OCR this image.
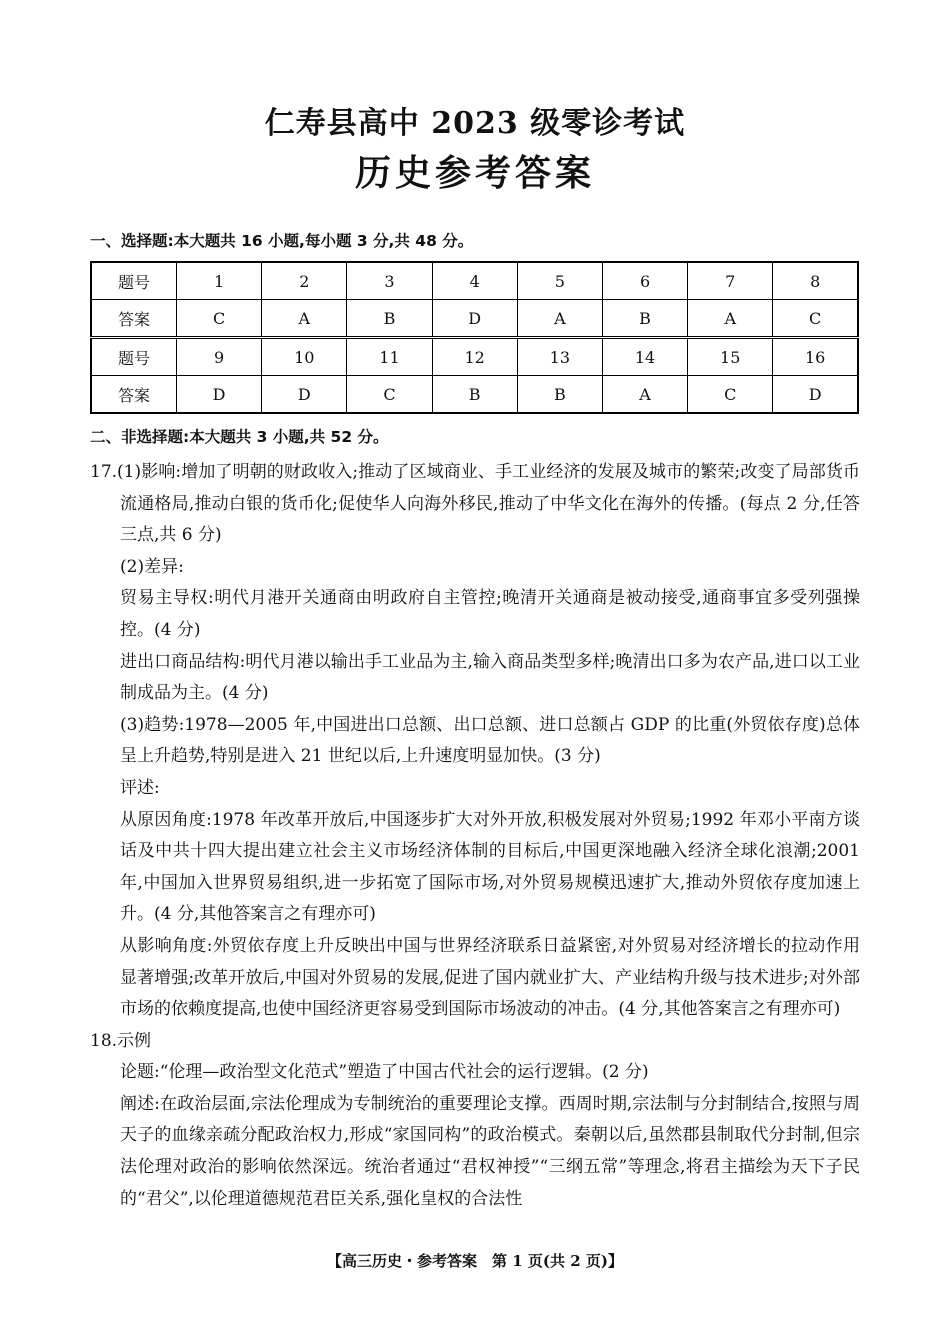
仁寿县高中 2023 级零诊考试
历史参考答案
一、选择题:本大题共 16 小题,每小题 3 分,共 48 分。
题号	1	2	3	4	5	6	7	8
答案	C	A	B	D	A	B	A	C
题号	9	10	11	12	13	14	15	16
答案	D	D	C	B	B	A	C	D
二、非选择题:本大题共 3 小题,共 52 分。

17.(1)影响:增加了明朝的财政收入;推动了区域商业、手工业经济的发展及城市的繁荣;改变了局部货币流通格局,推动白银的货币化;促使华人向海外移民,推动了中华文化在海外的传播。(每点 2 分,任答三点,共 6 分)

(2)差异:

贸易主导权:明代月港开关通商由明政府自主管控;晚清开关通商是被动接受,通商事宜多受列强操控。(4 分)

进出口商品结构:明代月港以输出手工业品为主,输入商品类型多样;晚清出口多为农产品,进口以工业制成品为主。(4 分)

(3)趋势:1978—2005 年,中国进出口总额、出口总额、进口总额占 GDP 的比重(外贸依存度)总体呈上升趋势,特别是进入 21 世纪以后,上升速度明显加快。(3 分)

评述:

从原因角度:1978 年改革开放后,中国逐步扩大对外开放,积极发展对外贸易;1992 年邓小平南方谈话及中共十四大提出建立社会主义市场经济体制的目标后,中国更深地融入经济全球化浪潮;2001 年,中国加入世界贸易组织,进一步拓宽了国际市场,对外贸易规模迅速扩大,推动外贸依存度加速上升。(4 分,其他答案言之有理亦可)

从影响角度:外贸依存度上升反映出中国与世界经济联系日益紧密,对外贸易对经济增长的拉动作用显著增强;改革开放后,中国对外贸易的发展,促进了国内就业扩大、产业结构升级与技术进步;对外部市场的依赖度提高,也使中国经济更容易受到国际市场波动的冲击。(4 分,其他答案言之有理亦可)

18.示例

论题:“伦理—政治型文化范式”塑造了中国古代社会的运行逻辑。(2 分)

阐述:在政治层面,宗法伦理成为专制统治的重要理论支撑。西周时期,宗法制与分封制结合,按照与周天子的血缘亲疏分配政治权力,形成“家国同构”的政治模式。秦朝以后,虽然郡县制取代分封制,但宗法伦理对政治的影响依然深远。统治者通过“君权神授”“三纲五常”等理念,将君主描绘为天下子民的“君父”,以伦理道德规范君臣关系,强化皇权的合法性

【高三历史・参考答案　第 1 页(共 2 页)】
